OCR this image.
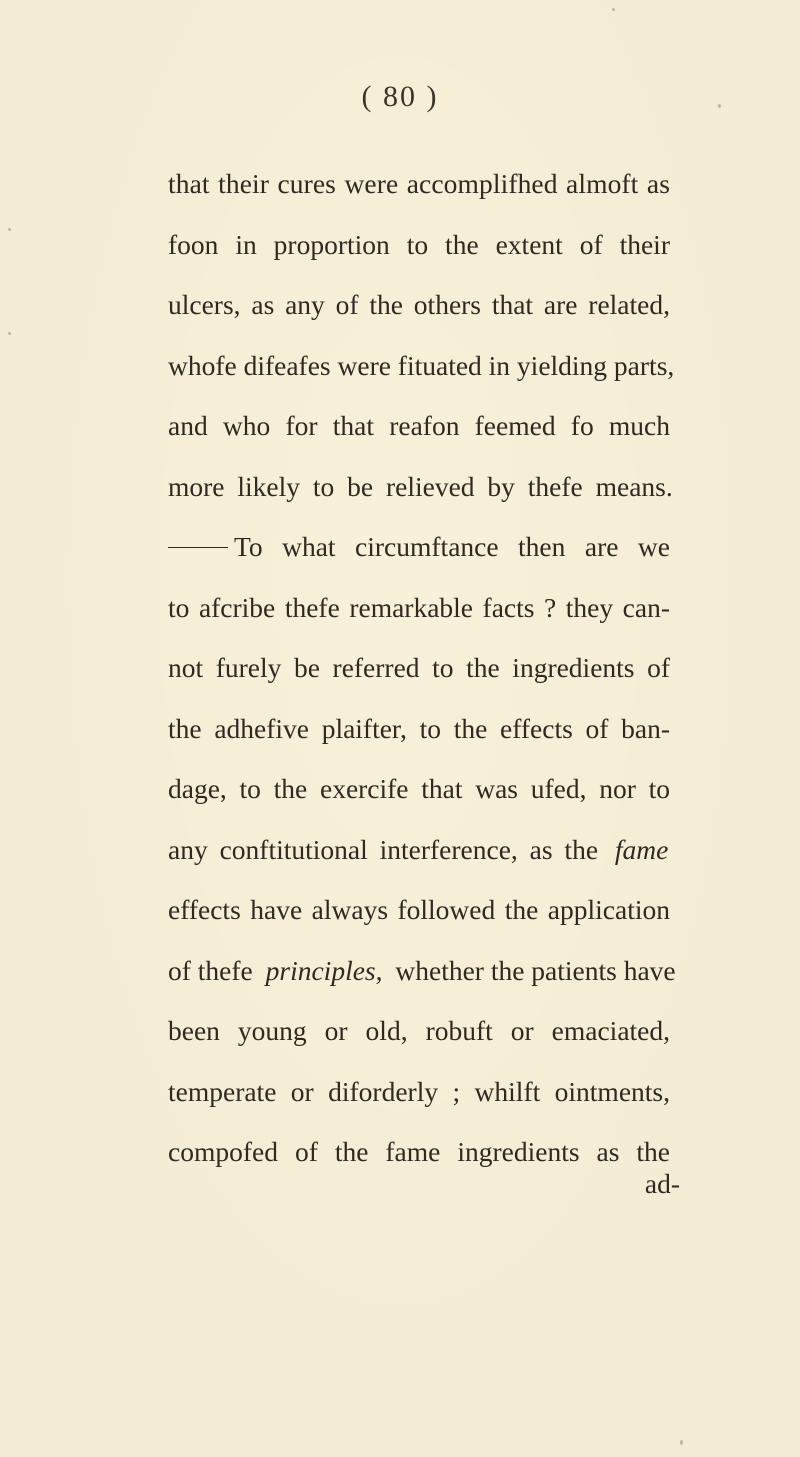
( 80 )
that their cures were accomplifhed almoft as
foon in proportion to the extent of their
ulcers, as any of the others that are related,
whofe difeafes were fituated in yielding parts,
and who for that reafon feemed fo much
more likely to be relieved by thefe means.
To what circumftance then are we
to afcribe thefe remarkable facts ? they can-
not furely be referred to the ingredients of
the adhefive plaifter, to the effects of ban-
dage, to the exercife that was ufed, nor to
any conftitutional interference, as the fame
effects have always followed the application
of thefe principles, whether the patients have
been young or old, robuft or emaciated,
temperate or diforderly ; whilft ointments,
compofed of the fame ingredients as the
ad-
